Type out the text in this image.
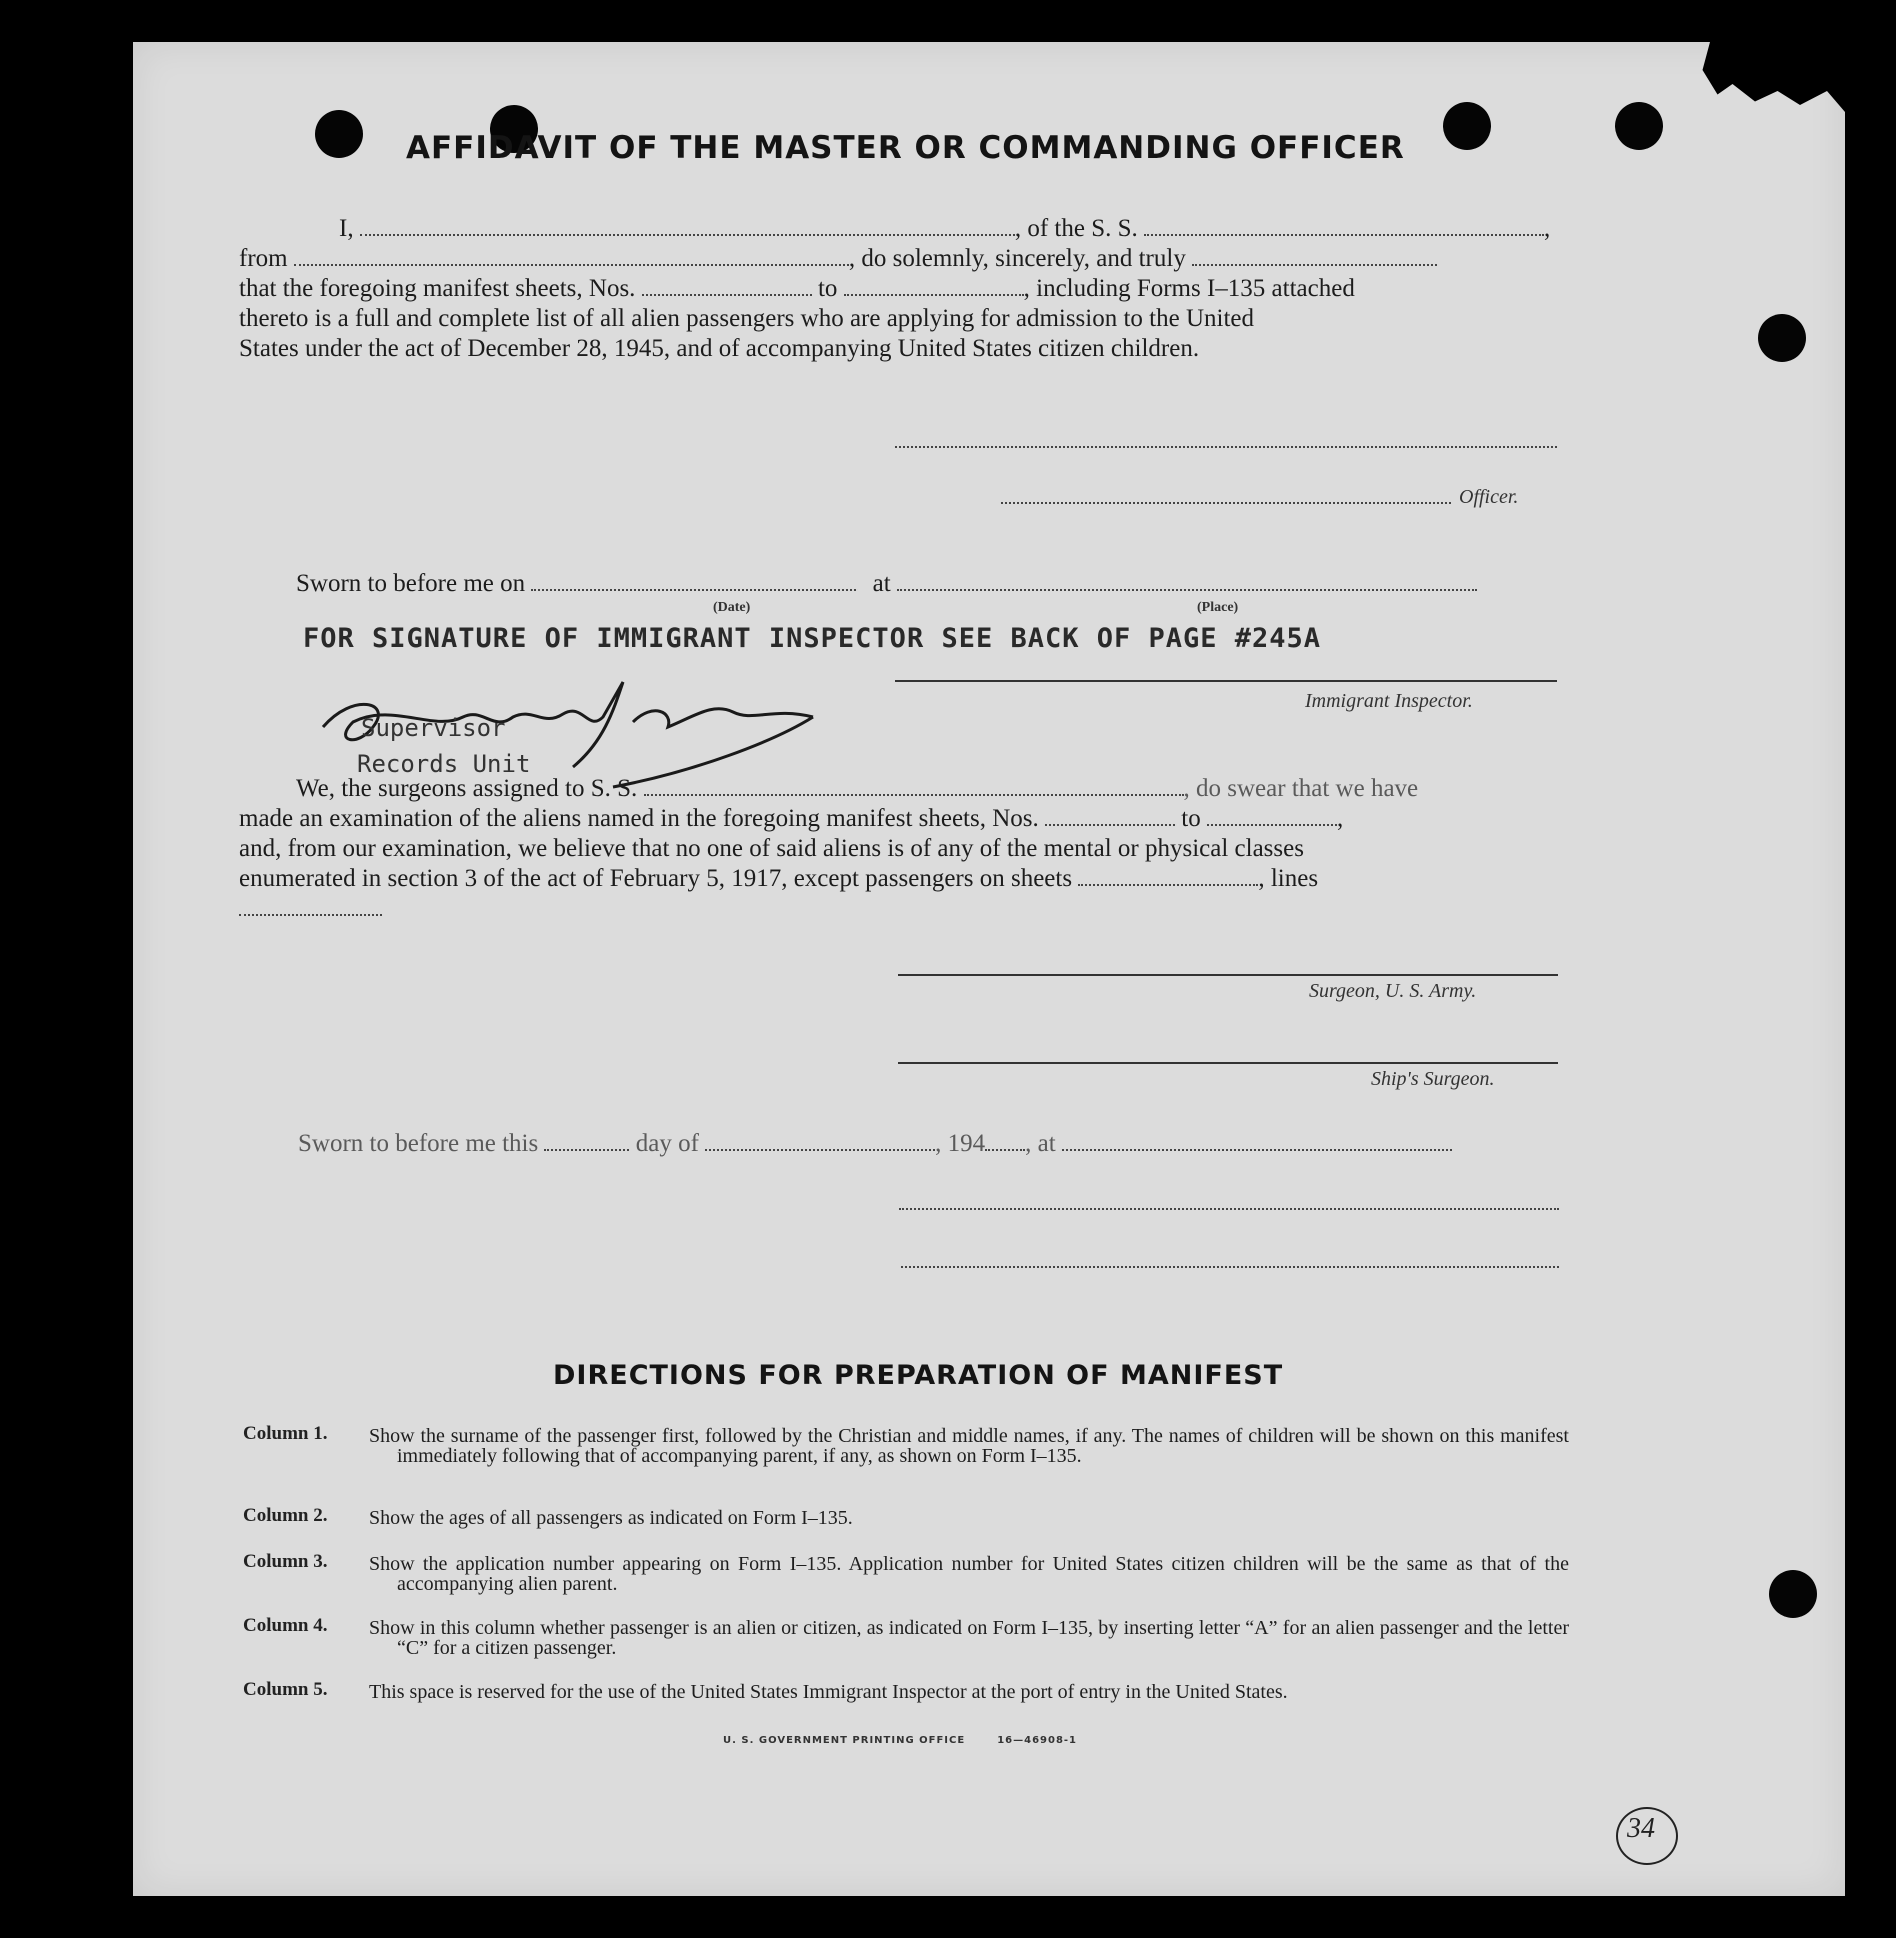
AFFIDAVIT OF THE MASTER OR COMMANDING OFFICER
I,	, of the S. S.	,
from	, do solemnly, sincerely, and truly
that the foregoing manifest sheets, Nos.	to	, including Forms I–135 attached
thereto is a full and complete list of all alien passengers who are applying for admission to the United
States under the act of December 28, 1945, and of accompanying United States citizen children.
Officer.
Sworn to before me on	at
(Date)	(Place)
FOR SIGNATURE OF IMMIGRANT INSPECTOR SEE BACK OF PAGE #245A
Immigrant Inspector.
Supervisor
Records Unit
We, the surgeons assigned to S. S.	, do swear that we have
made an examination of the aliens named in the foregoing manifest sheets, Nos.	to	,
and, from our examination, we believe that no one of said aliens is of any of the mental or physical classes
enumerated in section 3 of the act of February 5, 1917, except passengers on sheets	, lines
Surgeon, U. S. Army.
Ship's Surgeon.
Sworn to before me this	day of	, 194 , at
DIRECTIONS FOR PREPARATION OF MANIFEST
Column 1. Show the surname of the passenger first, followed by the Christian and middle names, if any. The names of children will be shown on this manifest immediately following that of accompanying parent, if any, as shown on Form I–135.
Column 2. Show the ages of all passengers as indicated on Form I–135.
Column 3. Show the application number appearing on Form I–135. Application number for United States citizen children will be the same as that of the accompanying alien parent.
Column 4. Show in this column whether passenger is an alien or citizen, as indicated on Form I–135, by inserting letter “A” for an alien passenger and the letter “C” for a citizen passenger.
Column 5. This space is reserved for the use of the United States Immigrant Inspector at the port of entry in the United States.
U. S. GOVERNMENT PRINTING OFFICE	16—46908-1
34
